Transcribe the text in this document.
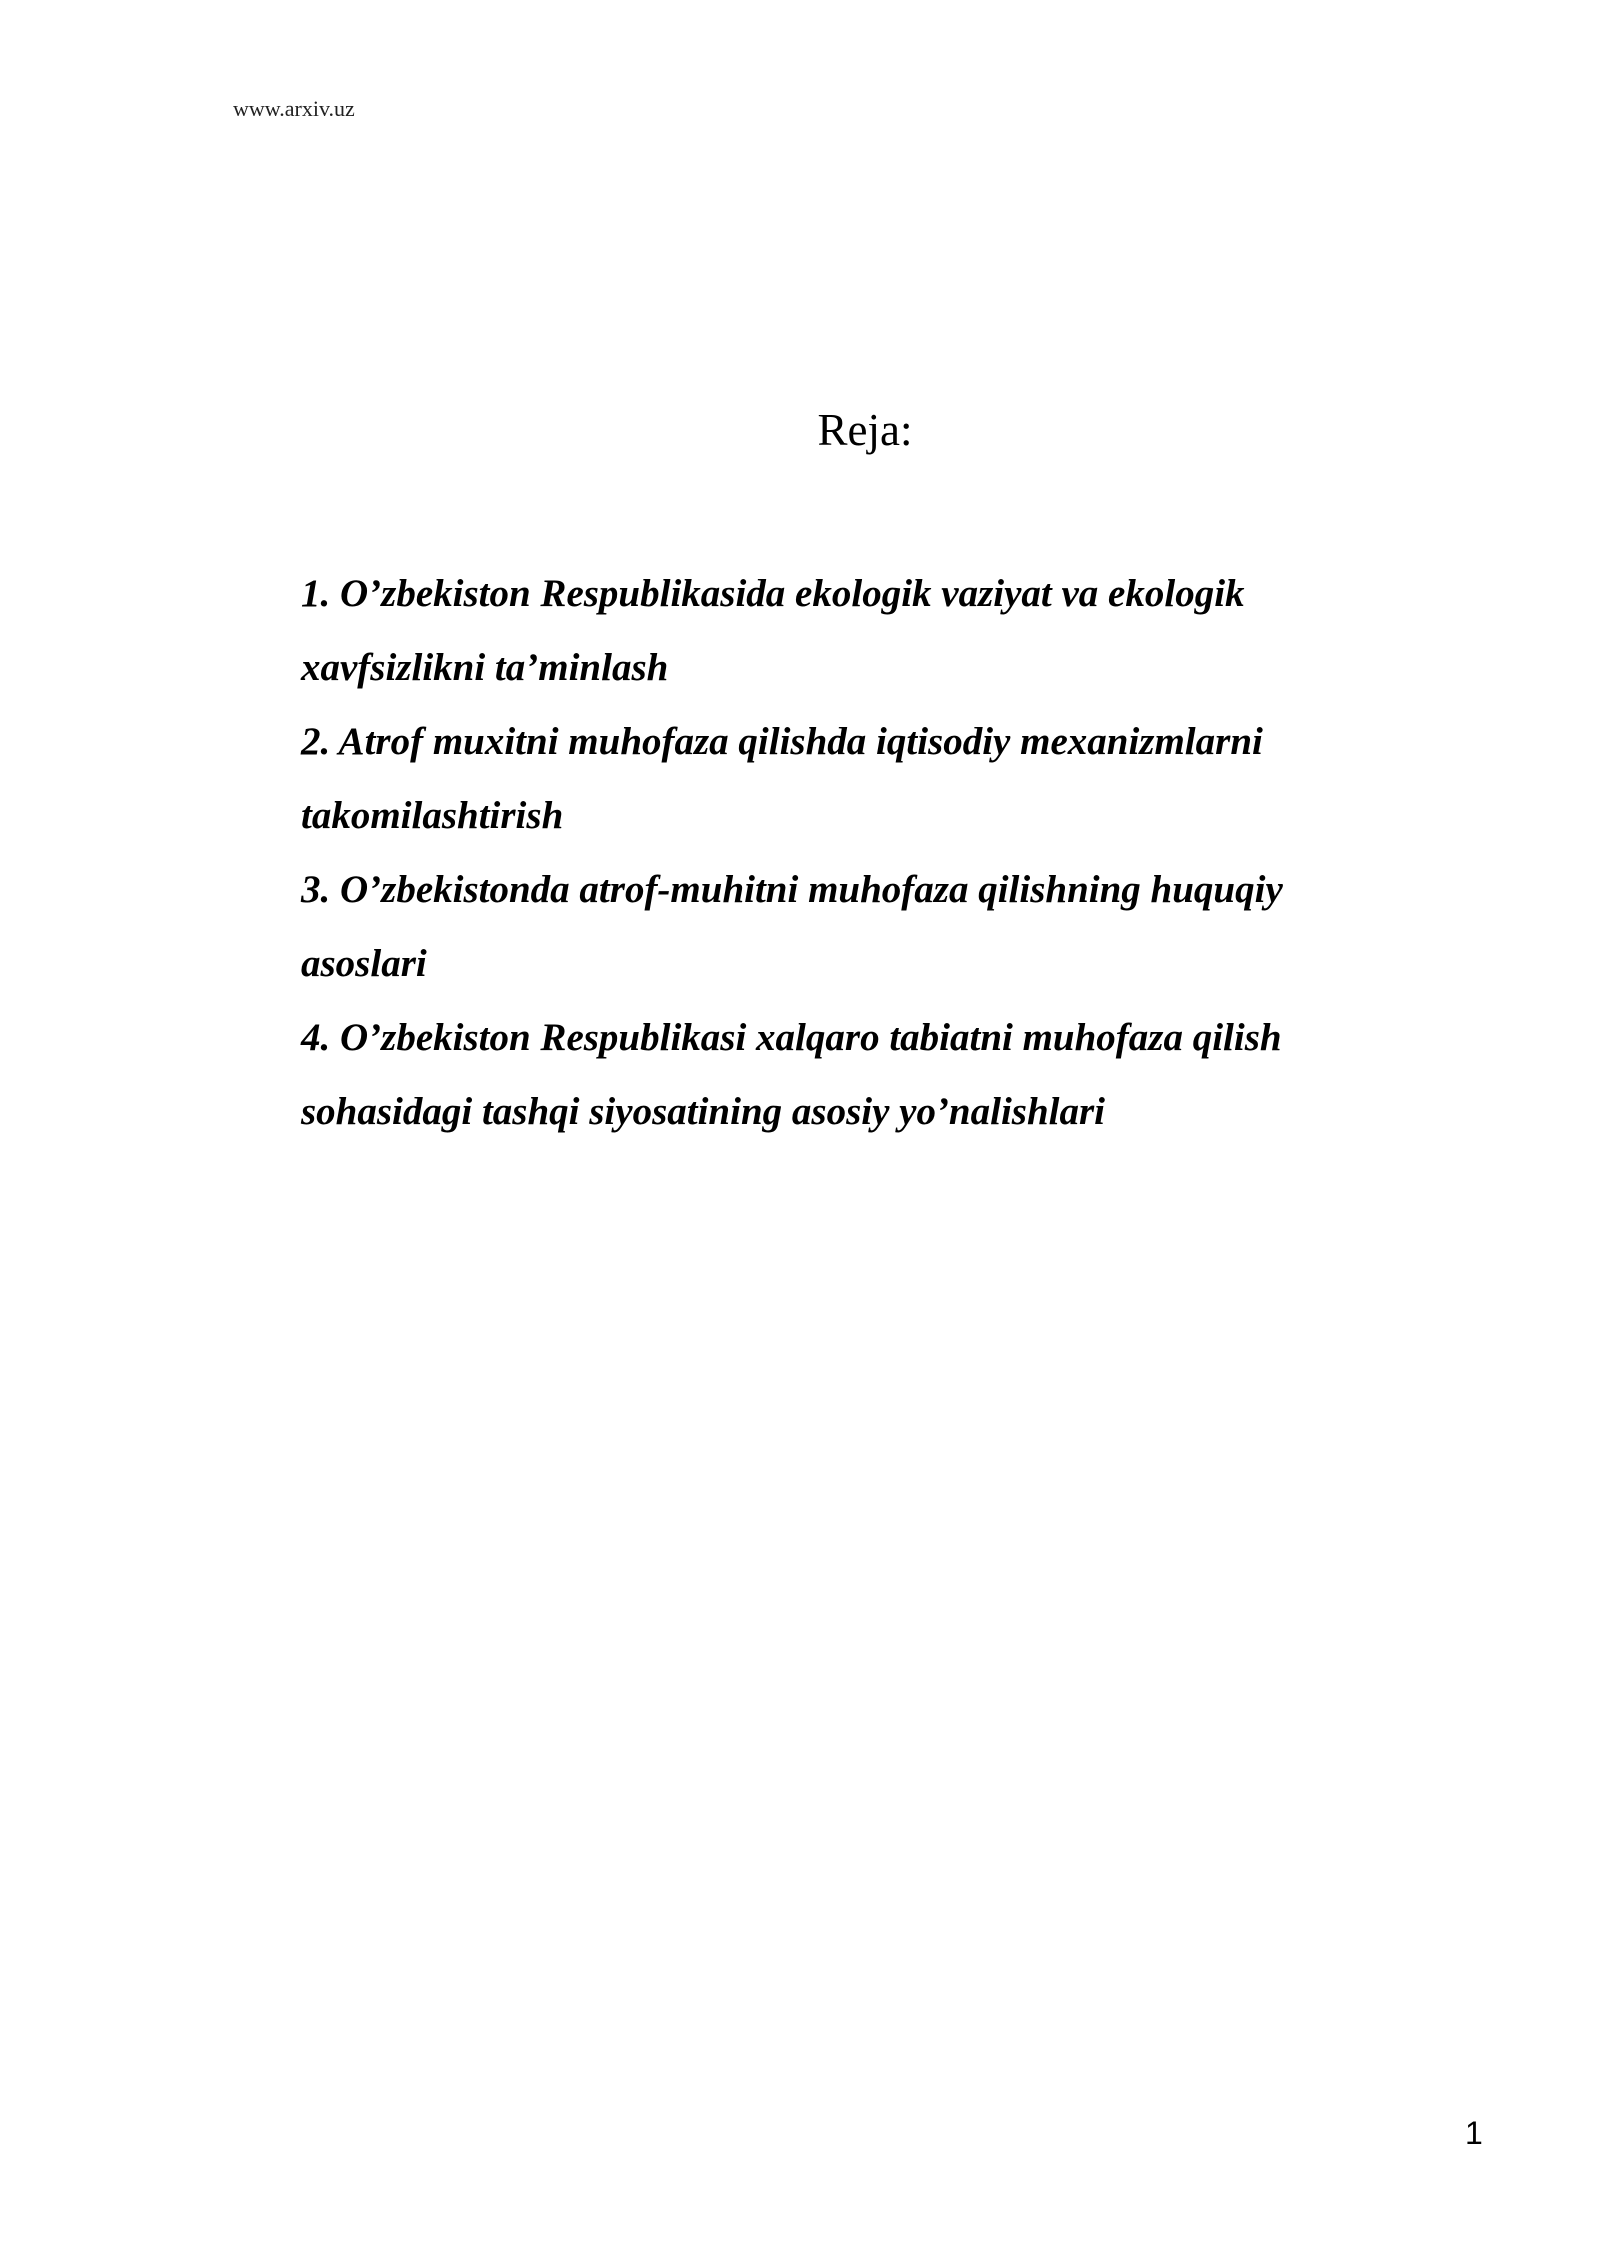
www.arxiv.uz
Reja:
1. O’zbekiston Respublikasida ekologik vaziyat va ekologik
xavfsizlikni ta’minlash
2. Atrof muxitni muhofaza qilishda iqtisodiy mexanizmlarni
takomilashtirish
3. O’zbekistonda atrof-muhitni muhofaza qilishning huquqiy
asoslari
4. O’zbekiston Respublikasi xalqaro tabiatni muhofaza qilish
sohasidagi tashqi siyosatining asosiy yo’nalishlari
1
